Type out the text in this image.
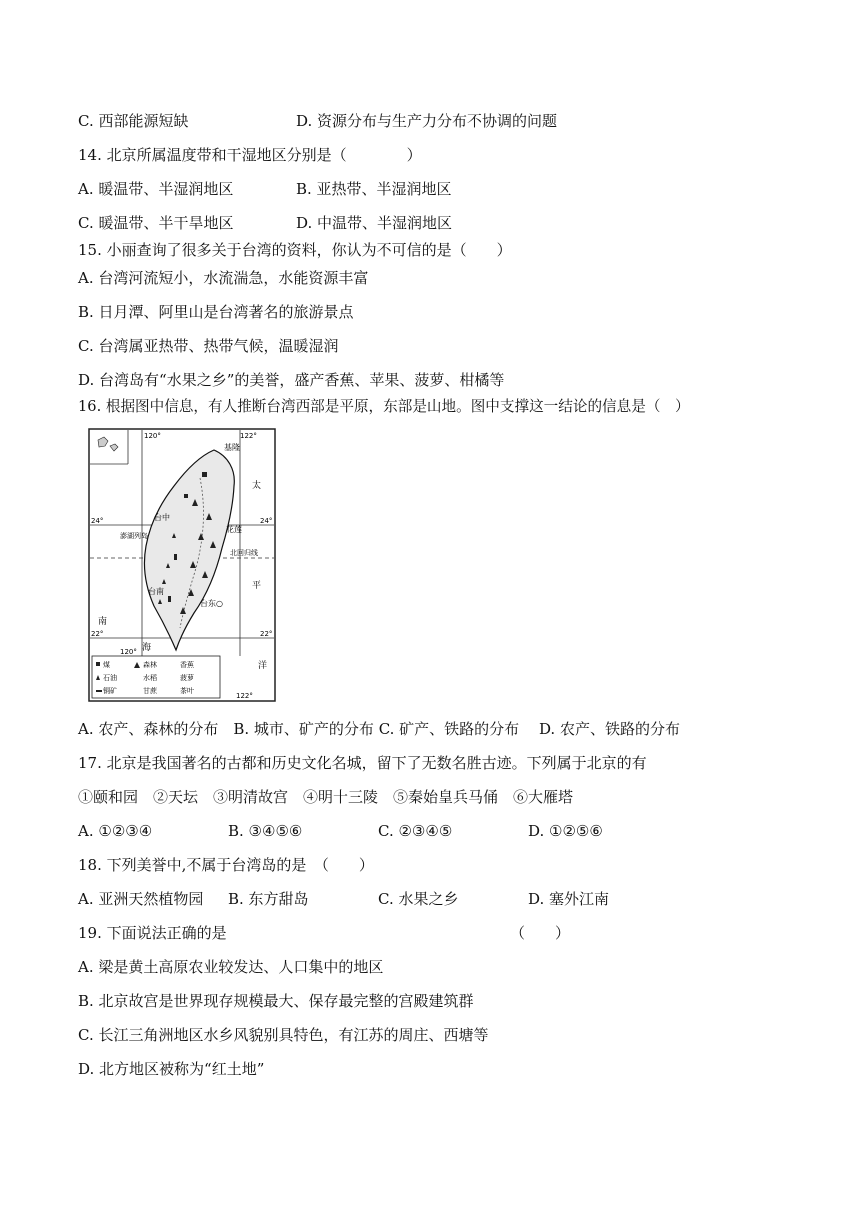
C. 西部能源短缺	D. 资源分布与生产力分布不协调的问题
14. 北京所属温度带和干湿地区分别是（　　　　）
A. 暖温带、半湿润地区	B. 亚热带、半湿润地区
C. 暖温带、半干旱地区	D. 中温带、半湿润地区
15. 小丽查询了很多关于台湾的资料，你认为不可信的是（　　）
A. 台湾河流短小，水流湍急，水能资源丰富
B. 日月潭、阿里山是台湾著名的旅游景点
C. 台湾属亚热带、热带气候，温暖湿润
D. 台湾岛有“水果之乡”的美誉，盛产香蕉、苹果、菠萝、柑橘等
16. 根据图中信息，有人推断台湾西部是平原，东部是山地。图中支撑这一结论的信息是（　）
120°	122°
24°	24°
22°	22°
120°
122°
基隆
台中
花莲
台东○
台南
北回归线
澎湖列岛
太
平
洋
南
海
煤	森林	香蕉
石油	水稻	菠萝
铜矿	甘蔗	茶叶
A. 农产、森林的分布　B. 城市、矿产的分布 C. 矿产、铁路的分布　 D. 农产、铁路的分布
17. 北京是我国著名的古都和历史文化名城，留下了无数名胜古迹。下列属于北京的有
①颐和园　②天坛　③明清故宫　④明十三陵　⑤秦始皇兵马俑　⑥大雁塔
A. ①②③④	B. ③④⑤⑥	C. ②③④⑤	D. ①②⑤⑥
18. 下列美誉中,不属于台湾岛的是　（　　）
A. 亚洲天然植物园 B. 东方甜岛	C. 水果之乡	D. 塞外江南
19. 下面说法正确的是	（　　）
A. 梁是黄土高原农业较发达、人口集中的地区
B. 北京故宫是世界现存规模最大、保存最完整的宫殿建筑群
C. 长江三角洲地区水乡风貌别具特色，有江苏的周庄、西塘等
D. 北方地区被称为“红土地”
